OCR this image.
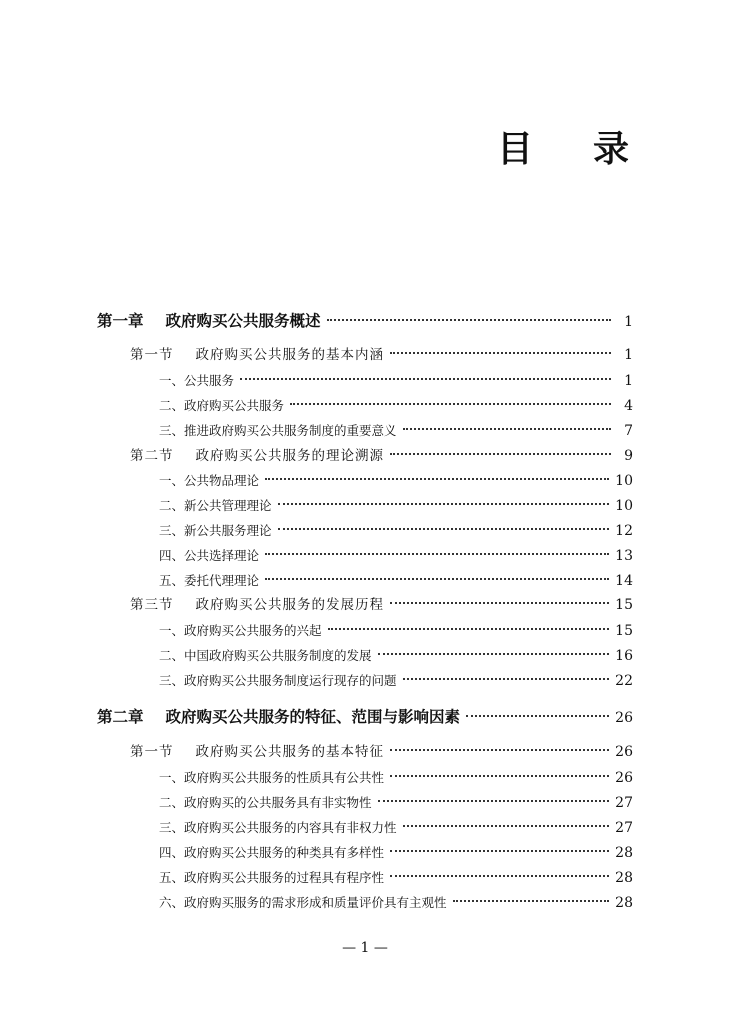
目 录
第一章 政府购买公共服务概述	1
第一节 政府购买公共服务的基本内涵	1
一、公共服务	1
二、政府购买公共服务	4
三、推进政府购买公共服务制度的重要意义	7
第二节 政府购买公共服务的理论溯源	9
一、公共物品理论	10
二、新公共管理理论	10
三、新公共服务理论	12
四、公共选择理论	13
五、委托代理理论	14
第三节 政府购买公共服务的发展历程	15
一、政府购买公共服务的兴起	15
二、中国政府购买公共服务制度的发展	16
三、政府购买公共服务制度运行现存的问题	22
第二章 政府购买公共服务的特征、范围与影响因素	26
第一节 政府购买公共服务的基本特征	26
一、政府购买公共服务的性质具有公共性	26
二、政府购买的公共服务具有非实物性	27
三、政府购买公共服务的内容具有非权力性	27
四、政府购买公共服务的种类具有多样性	28
五、政府购买公共服务的过程具有程序性	28
六、政府购买服务的需求形成和质量评价具有主观性	28
— 1 —
